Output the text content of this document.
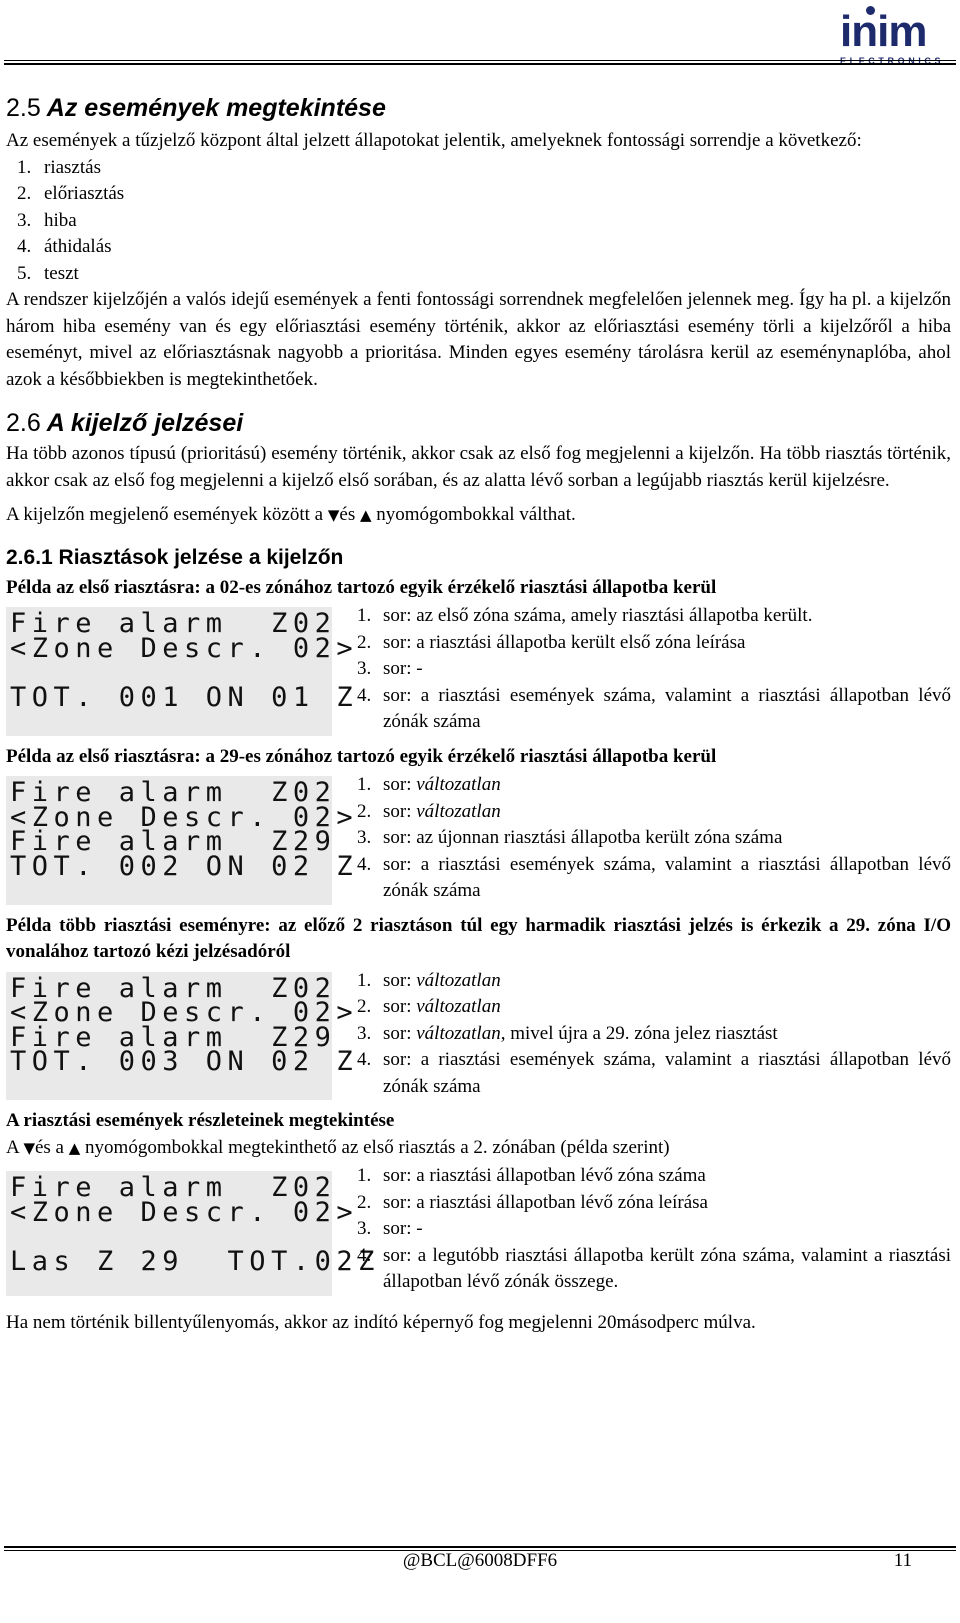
inim
ELECTRONICS
2.5 Az események megtekintése

Az események a tűzjelző központ által jelzett állapotokat jelentik, amelyeknek fontossági sorrendje a következő:

1. riasztás
2. előriasztás
3. hiba
4. áthidalás
5. teszt

A rendszer kijelzőjén a valós idejű események a fenti fontossági sorrendnek megfelelően jelennek meg. Így ha pl. a kijelzőn három hiba esemény van és egy előriasztási esemény történik, akkor az előriasztási esemény törli a kijelzőről a hiba eseményt, mivel az előriasztásnak nagyobb a prioritása. Minden egyes esemény tárolásra kerül az eseménynaplóba, ahol azok a későbbiekben is megtekinthetőek.

2.6 A kijelző jelzései

Ha több azonos típusú (prioritású) esemény történik, akkor csak az első fog megjelenni a kijelzőn. Ha több riasztás történik, akkor csak az első fog megjelenni a kijelző első sorában, és az alatta lévő sorban a legújabb riasztás kerül kijelzésre.

A kijelzőn megjelenő események között a ▼és ▲ nyomógombokkal válthat.

2.6.1 Riasztások jelzése a kijelzőn

Példa az első riasztásra: a 02-es zónához tartozó egyik érzékelő riasztási állapotba kerül

Fire alarm  Z02
<Zone Descr. 02>
TOT. 001 ON 01 Z
1. sor: az első zóna száma, amely riasztási állapotba került.
2. sor: a riasztási állapotba került első zóna leírása
3. sor: -
4. sor: a riasztási események száma, valamint a riasztási állapotban lévő zónák száma

Példa az első riasztásra: a 29-es zónához tartozó egyik érzékelő riasztási állapotba kerül

Fire alarm  Z02
<Zone Descr. 02>
Fire alarm  Z29
TOT. 002 ON 02 Z
1. sor: változatlan
2. sor: változatlan
3. sor: az újonnan riasztási állapotba került zóna száma
4. sor: a riasztási események száma, valamint a riasztási állapotban lévő zónák száma

Példa több riasztási eseményre: az előző 2 riasztáson túl egy harmadik riasztási jelzés is érkezik a 29. zóna I/O vonalához tartozó kézi jelzésadóról

Fire alarm  Z02
<Zone Descr. 02>
Fire alarm  Z29
TOT. 003 ON 02 Z
1. sor: változatlan
2. sor: változatlan
3. sor: változatlan, mivel újra a 29. zóna jelez riasztást
4. sor: a riasztási események száma, valamint a riasztási állapotban lévő zónák száma

A riasztási események részleteinek megtekintése

A ▼és a ▲ nyomógombokkal megtekinthető az első riasztás a 2. zónában (példa szerint)

Fire alarm  Z02
<Zone Descr. 02>
Las Z 29  TOT.02Z
1. sor: a riasztási állapotban lévő zóna száma
2. sor: a riasztási állapotban lévő zóna leírása
3. sor: -
4. sor: a legutóbb riasztási állapotba került zóna száma, valamint a riasztási állapotban lévő zónák összege.

Ha nem történik billentyűlenyomás, akkor az indító képernyő fog megjelenni 20másodperc múlva.

@BCL@6008DFF6	11
